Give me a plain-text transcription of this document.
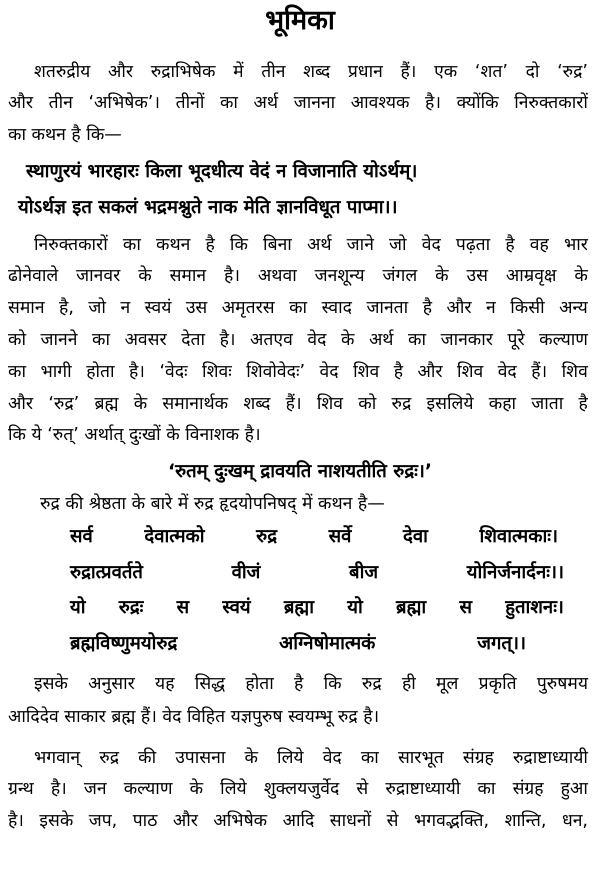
भूमिका
शतरुद्रीय और रुद्राभिषेक में तीन शब्द प्रधान हैं। एक ‘शत’ दो ‘रुद्र’
और तीन ‘अभिषेक’। तीनों का अर्थ जानना आवश्यक है। क्योंकि निरुक्तकारों
का कथन है कि—
स्थाणुरयं भारहारः किला भूदधीत्य वेदं न विजानाति योऽर्थम्।
योऽर्थज्ञ इत सकलं भद्रमश्नुते नाक मेति ज्ञानविधूत पाप्मा।।
निरुक्तकारों का कथन है कि बिना अर्थ जाने जो वेद पढ़ता है वह भार
ढोनेवाले जानवर के समान है। अथवा जनशून्य जंगल के उस आम्रवृक्ष के
समान है, जो न स्वयं उस अमृतरस का स्वाद जानता है और न किसी अन्य
को जानने का अवसर देता है। अतएव वेद के अर्थ का जानकार पूरे कल्याण
का भागी होता है। ‘वेदः शिवः शिवोवेदः’ वेद शिव है और शिव वेद हैं। शिव
और ‘रुद्र’ ब्रह्म के समानार्थक शब्द हैं। शिव को रुद्र इसलिये कहा जाता है
कि ये ‘रुत्’ अर्थात् दुःखों के विनाशक है।
‘रुतम् दुःखम् द्रावयति नाशयतीति रुद्रः।’
रुद्र की श्रेष्ठता के बारे में रुद्र हृदयोपनिषद् में कथन है—
सर्व	देवात्मको	रुद्र	सर्वे	देवा	शिवात्मकाः।
रुद्रात्प्रवर्तते	वीजं	बीज	योनिर्जनार्दनः।।
यो रुद्रः स स्वयं ब्रह्मा यो ब्रह्मा स हुताशनः।
ब्रह्मविष्णुमयोरुद्र	अग्निषोमात्मकं	जगत्।।
इसके अनुसार यह सिद्ध होता है कि रुद्र ही मूल प्रकृति पुरुषमय
आदिदेव साकार ब्रह्म हैं। वेद विहित यज्ञपुरुष स्वयम्भू रुद्र है।
भगवान् रुद्र की उपासना के लिये वेद का सारभूत संग्रह रुद्राष्टाध्यायी
ग्रन्थ है। जन कल्याण के लिये शुक्लयजुर्वेद से रुद्राष्टाध्यायी का संग्रह हुआ
है। इसके जप, पाठ और अभिषेक आदि साधनों से भगवद्भक्ति, शान्ति, धन,
